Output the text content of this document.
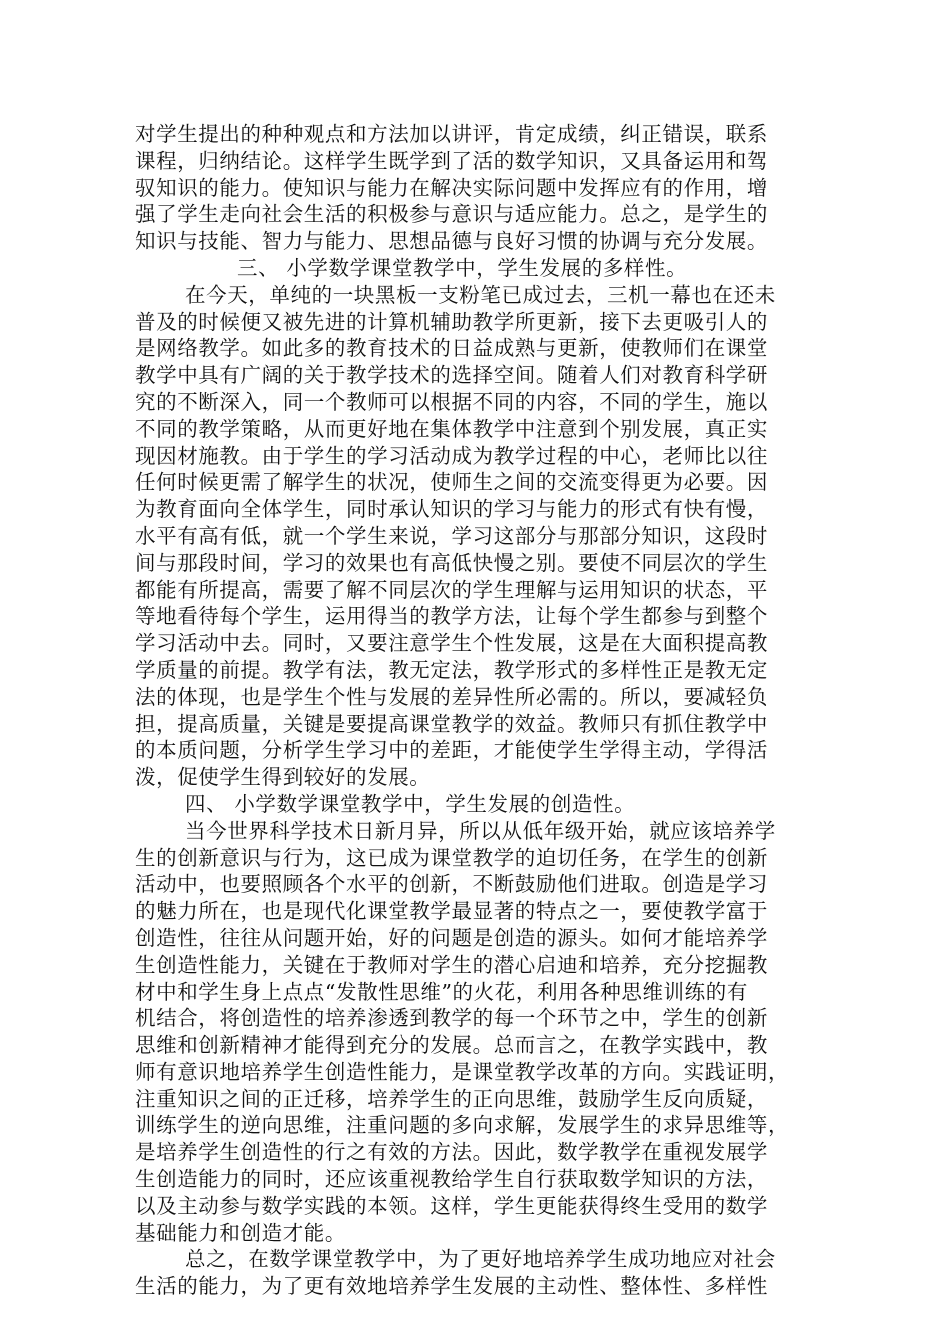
对学生提出的种种观点和方法加以讲评，肯定成绩，纠正错误，联系
课程，归纳结论。这样学生既学到了活的数学知识，又具备运用和驾
驭知识的能力。使知识与能力在解决实际问题中发挥应有的作用，增
强了学生走向社会生活的积极参与意识与适应能力。总之，是学生的
知识与技能、智力与能力、思想品德与良好习惯的协调与充分发展。
三、 小学数学课堂教学中，学生发展的多样性。
在今天，单纯的一块黑板一支粉笔已成过去，三机一幕也在还未
普及的时候便又被先进的计算机辅助教学所更新，接下去更吸引人的
是网络教学。如此多的教育技术的日益成熟与更新，使教师们在课堂
教学中具有广阔的关于教学技术的选择空间。随着人们对教育科学研
究的不断深入，同一个教师可以根据不同的内容，不同的学生，施以
不同的教学策略，从而更好地在集体教学中注意到个别发展，真正实
现因材施教。由于学生的学习活动成为教学过程的中心，老师比以往
任何时候更需了解学生的状况，使师生之间的交流变得更为必要。因
为教育面向全体学生，同时承认知识的学习与能力的形式有快有慢，
水平有高有低，就一个学生来说，学习这部分与那部分知识，这段时
间与那段时间，学习的效果也有高低快慢之别。要使不同层次的学生
都能有所提高，需要了解不同层次的学生理解与运用知识的状态，平
等地看待每个学生，运用得当的教学方法，让每个学生都参与到整个
学习活动中去。同时，又要注意学生个性发展，这是在大面积提高教
学质量的前提。教学有法，教无定法，教学形式的多样性正是教无定
法的体现，也是学生个性与发展的差异性所必需的。所以，要减轻负
担，提高质量，关键是要提高课堂教学的效益。教师只有抓住教学中
的本质问题，分析学生学习中的差距，才能使学生学得主动，学得活
泼，促使学生得到较好的发展。
四、 小学数学课堂教学中，学生发展的创造性。
当今世界科学技术日新月异，所以从低年级开始，就应该培养学
生的创新意识与行为，这已成为课堂教学的迫切任务，在学生的创新
活动中，也要照顾各个水平的创新，不断鼓励他们进取。创造是学习
的魅力所在，也是现代化课堂教学最显著的特点之一，要使教学富于
创造性，往往从问题开始，好的问题是创造的源头。如何才能培养学
生创造性能力，关键在于教师对学生的潜心启迪和培养，充分挖掘教
材中和学生身上点点“发散性思维”的火花，利用各种思维训练的有
机结合，将创造性的培养渗透到教学的每一个环节之中，学生的创新
思维和创新精神才能得到充分的发展。总而言之，在教学实践中，教
师有意识地培养学生创造性能力，是课堂教学改革的方向。实践证明，
注重知识之间的正迁移，培养学生的正向思维，鼓励学生反向质疑，
训练学生的逆向思维，注重问题的多向求解，发展学生的求异思维等，
是培养学生创造性的行之有效的方法。因此，数学教学在重视发展学
生创造能力的同时，还应该重视教给学生自行获取数学知识的方法，
以及主动参与数学实践的本领。这样，学生更能获得终生受用的数学
基础能力和创造才能。
总之，在数学课堂教学中，为了更好地培养学生成功地应对社会
生活的能力，为了更有效地培养学生发展的主动性、整体性、多样性
